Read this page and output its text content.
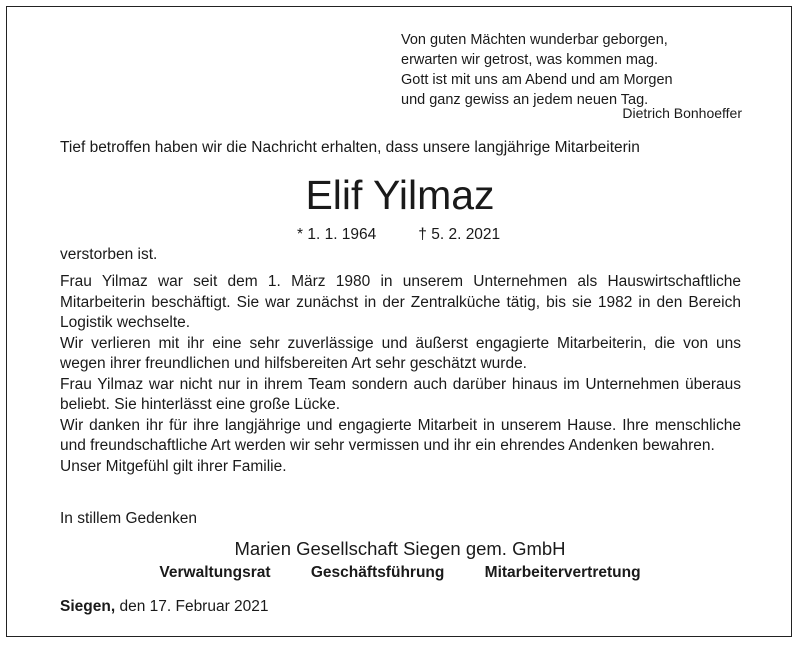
Von guten Mächten wunderbar geborgen,
erwarten wir getrost, was kommen mag.
Gott ist mit uns am Abend und am Morgen
und ganz gewiss an jedem neuen Tag.
Dietrich Bonhoeffer
Tief betroffen haben wir die Nachricht erhalten, dass unsere langjährige Mitarbeiterin
Elif Yilmaz
* 1. 1. 1964	† 5. 2. 2021
verstorben ist.

Frau Yilmaz war seit dem 1. März 1980 in unserem Unternehmen als Hauswirtschaftliche Mitarbeiterin beschäftigt. Sie war zunächst in der Zentralküche tätig, bis sie 1982 in den Bereich Logistik wechselte.

Wir verlieren mit ihr eine sehr zuverlässige und äußerst engagierte Mitarbeiterin, die von uns wegen ihrer freundlichen und hilfsbereiten Art sehr geschätzt wurde.

Frau Yilmaz war nicht nur in ihrem Team sondern auch darüber hinaus im Unternehmen überaus beliebt. Sie hinterlässt eine große Lücke.

Wir danken ihr für ihre langjährige und engagierte Mitarbeit in unserem Hause. Ihre menschliche und freundschaftliche Art werden wir sehr vermissen und ihr ein ehrendes Andenken bewahren.

Unser Mitgefühl gilt ihrer Familie.

In stillem Gedenken
Marien Gesellschaft Siegen gem. GmbH
Verwaltungsrat	Geschäftsführung	Mitarbeitervertretung
Siegen, den 17. Februar 2021
